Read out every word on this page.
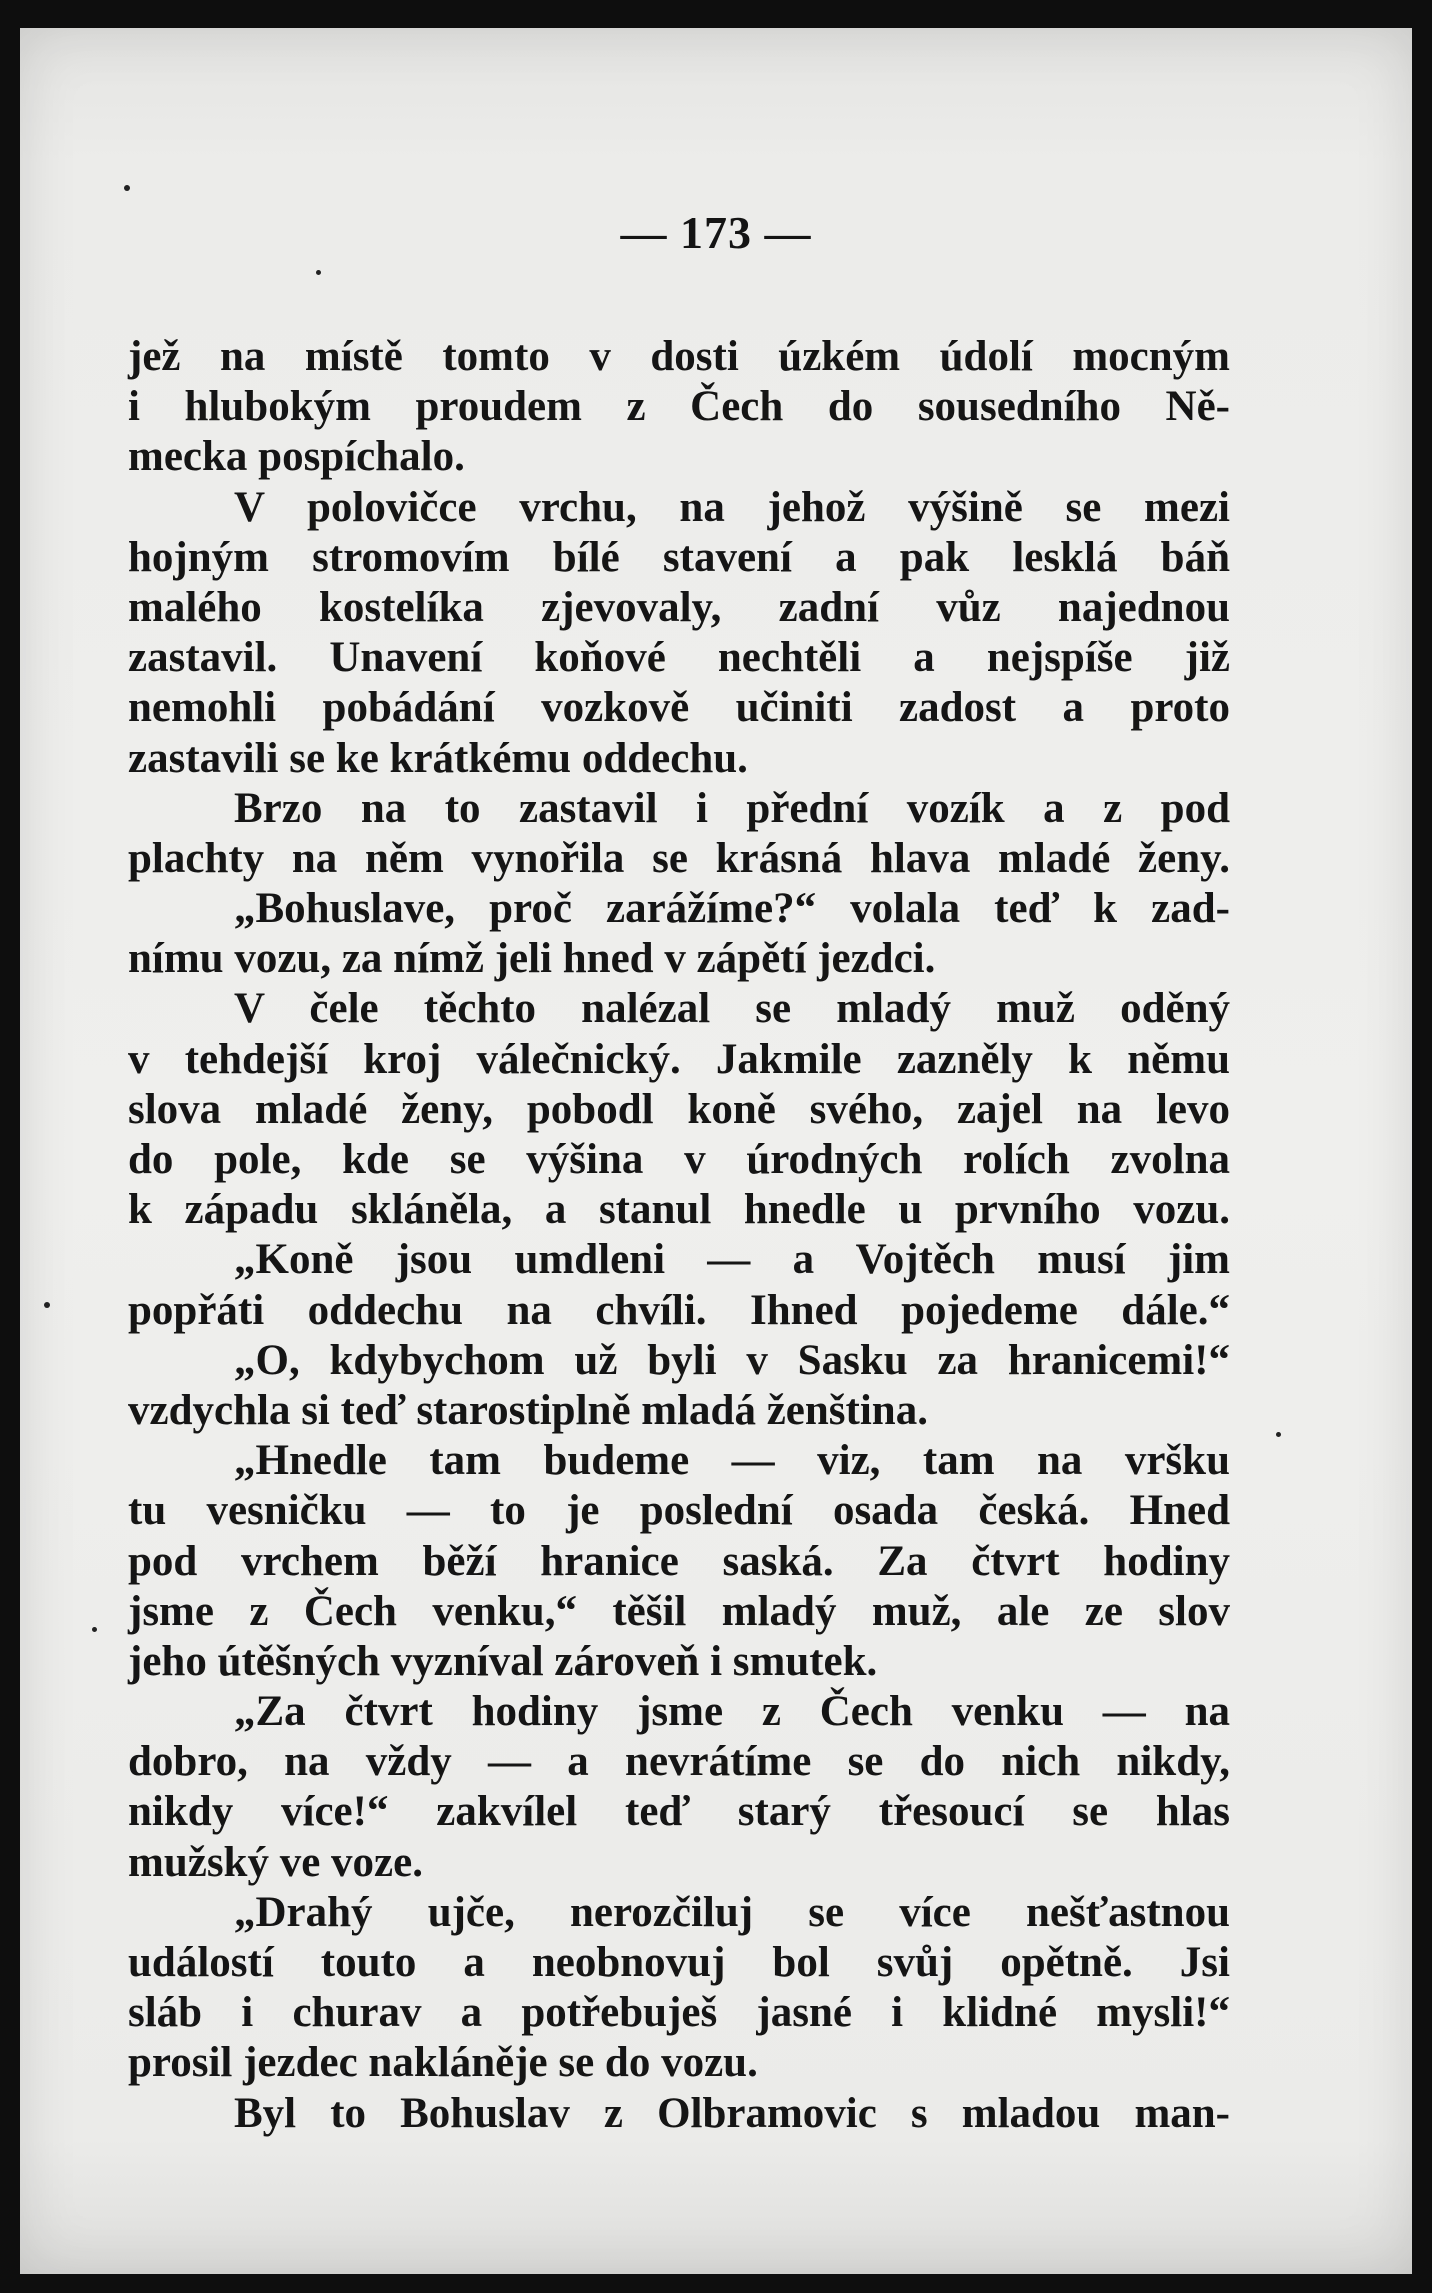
— 173 —
jež na místě tomto v dosti úzkém údolí mocným
i hlubokým proudem z Čech do sousedního Ně-
mecka pospíchalo.
V polovičce vrchu, na jehož výšině se mezi
hojným stromovím bílé stavení a pak lesklá báň
malého kostelíka zjevovaly, zadní vůz najednou
zastavil. Unavení koňové nechtěli a nejspíše již
nemohli pobádání vozkově učiniti zadost a proto
zastavili se ke krátkému oddechu.
Brzo na to zastavil i přední vozík a z pod
plachty na něm vynořila se krásná hlava mladé ženy.
„Bohuslave, proč zarážíme?“ volala teď k zad-
nímu vozu, za nímž jeli hned v zápětí jezdci.
V čele těchto nalézal se mladý muž oděný
v tehdejší kroj válečnický. Jakmile zazněly k němu
slova mladé ženy, pobodl koně svého, zajel na levo
do pole, kde se výšina v úrodných rolích zvolna
k západu skláněla, a stanul hnedle u prvního vozu.
„Koně jsou umdleni — a Vojtěch musí jim
popřáti oddechu na chvíli. Ihned pojedeme dále.“
„O, kdybychom už byli v Sasku za hranicemi!“
vzdychla si teď starostiplně mladá ženština.
„Hnedle tam budeme — viz, tam na vršku
tu vesničku — to je poslední osada česká. Hned
pod vrchem běží hranice saská. Za čtvrt hodiny
jsme z Čech venku,“ těšil mladý muž, ale ze slov
jeho útěšných vyzníval zároveň i smutek.
„Za čtvrt hodiny jsme z Čech venku — na
dobro, na vždy — a nevrátíme se do nich nikdy,
nikdy více!“ zakvílel teď starý třesoucí se hlas
mužský ve voze.
„Drahý ujče, nerozčiluj se více nešťastnou
událostí touto a neobnovuj bol svůj opětně. Jsi
sláb i churav a potřebuješ jasné i klidné mysli!“
prosil jezdec nakláněje se do vozu.
Byl to Bohuslav z Olbramovic s mladou man-
